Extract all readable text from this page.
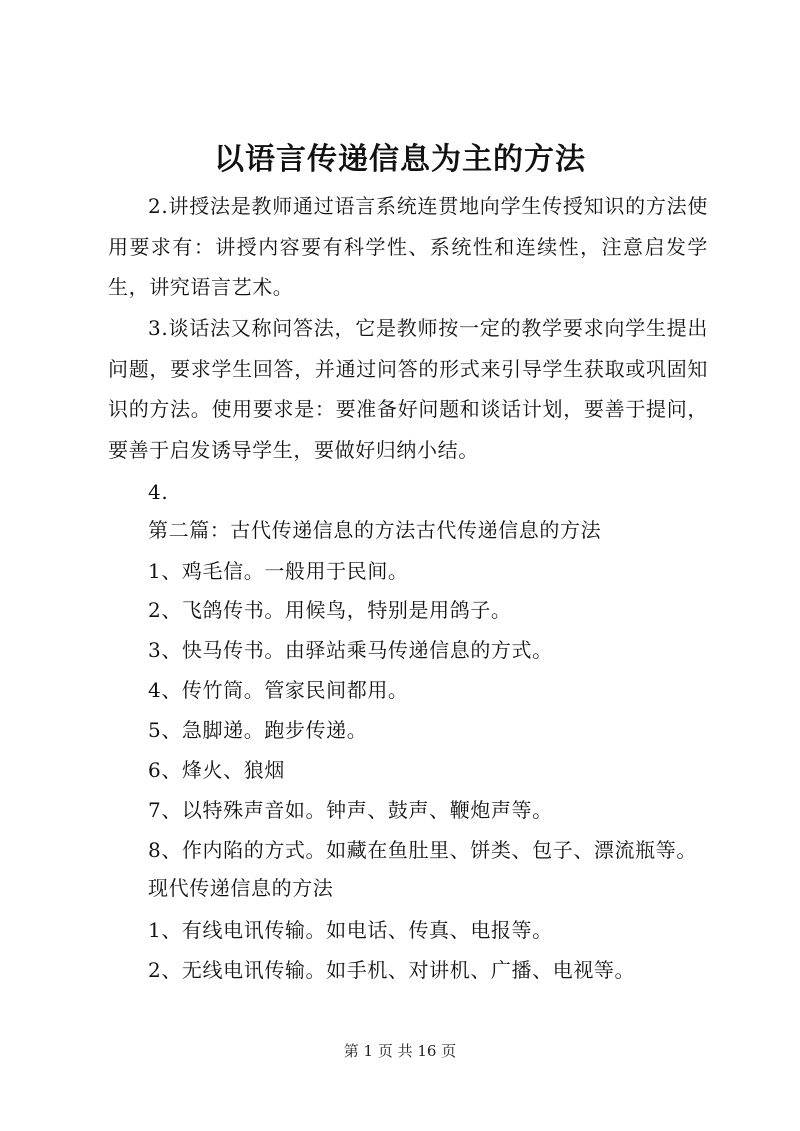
以语言传递信息为主的方法
2.讲授法是教师通过语言系统连贯地向学生传授知识的方法使用要求有：讲授内容要有科学性、系统性和连续性，注意启发学生，讲究语言艺术。
3.谈话法又称问答法，它是教师按一定的教学要求向学生提出问题，要求学生回答，并通过问答的形式来引导学生获取或巩固知识的方法。使用要求是：要准备好问题和谈话计划，要善于提问，要善于启发诱导学生，要做好归纳小结。
4.
第二篇：古代传递信息的方法古代传递信息的方法
1、鸡毛信。一般用于民间。
2、飞鸽传书。用候鸟，特别是用鸽子。
3、快马传书。由驿站乘马传递信息的方式。
4、传竹筒。管家民间都用。
5、急脚递。跑步传递。
6、烽火、狼烟
7、以特殊声音如。钟声、鼓声、鞭炮声等。
8、作内陷的方式。如藏在鱼肚里、饼类、包子、漂流瓶等。
现代传递信息的方法
1、有线电讯传输。如电话、传真、电报等。
2、无线电讯传输。如手机、对讲机、广播、电视等。
第 1 页 共 16 页
